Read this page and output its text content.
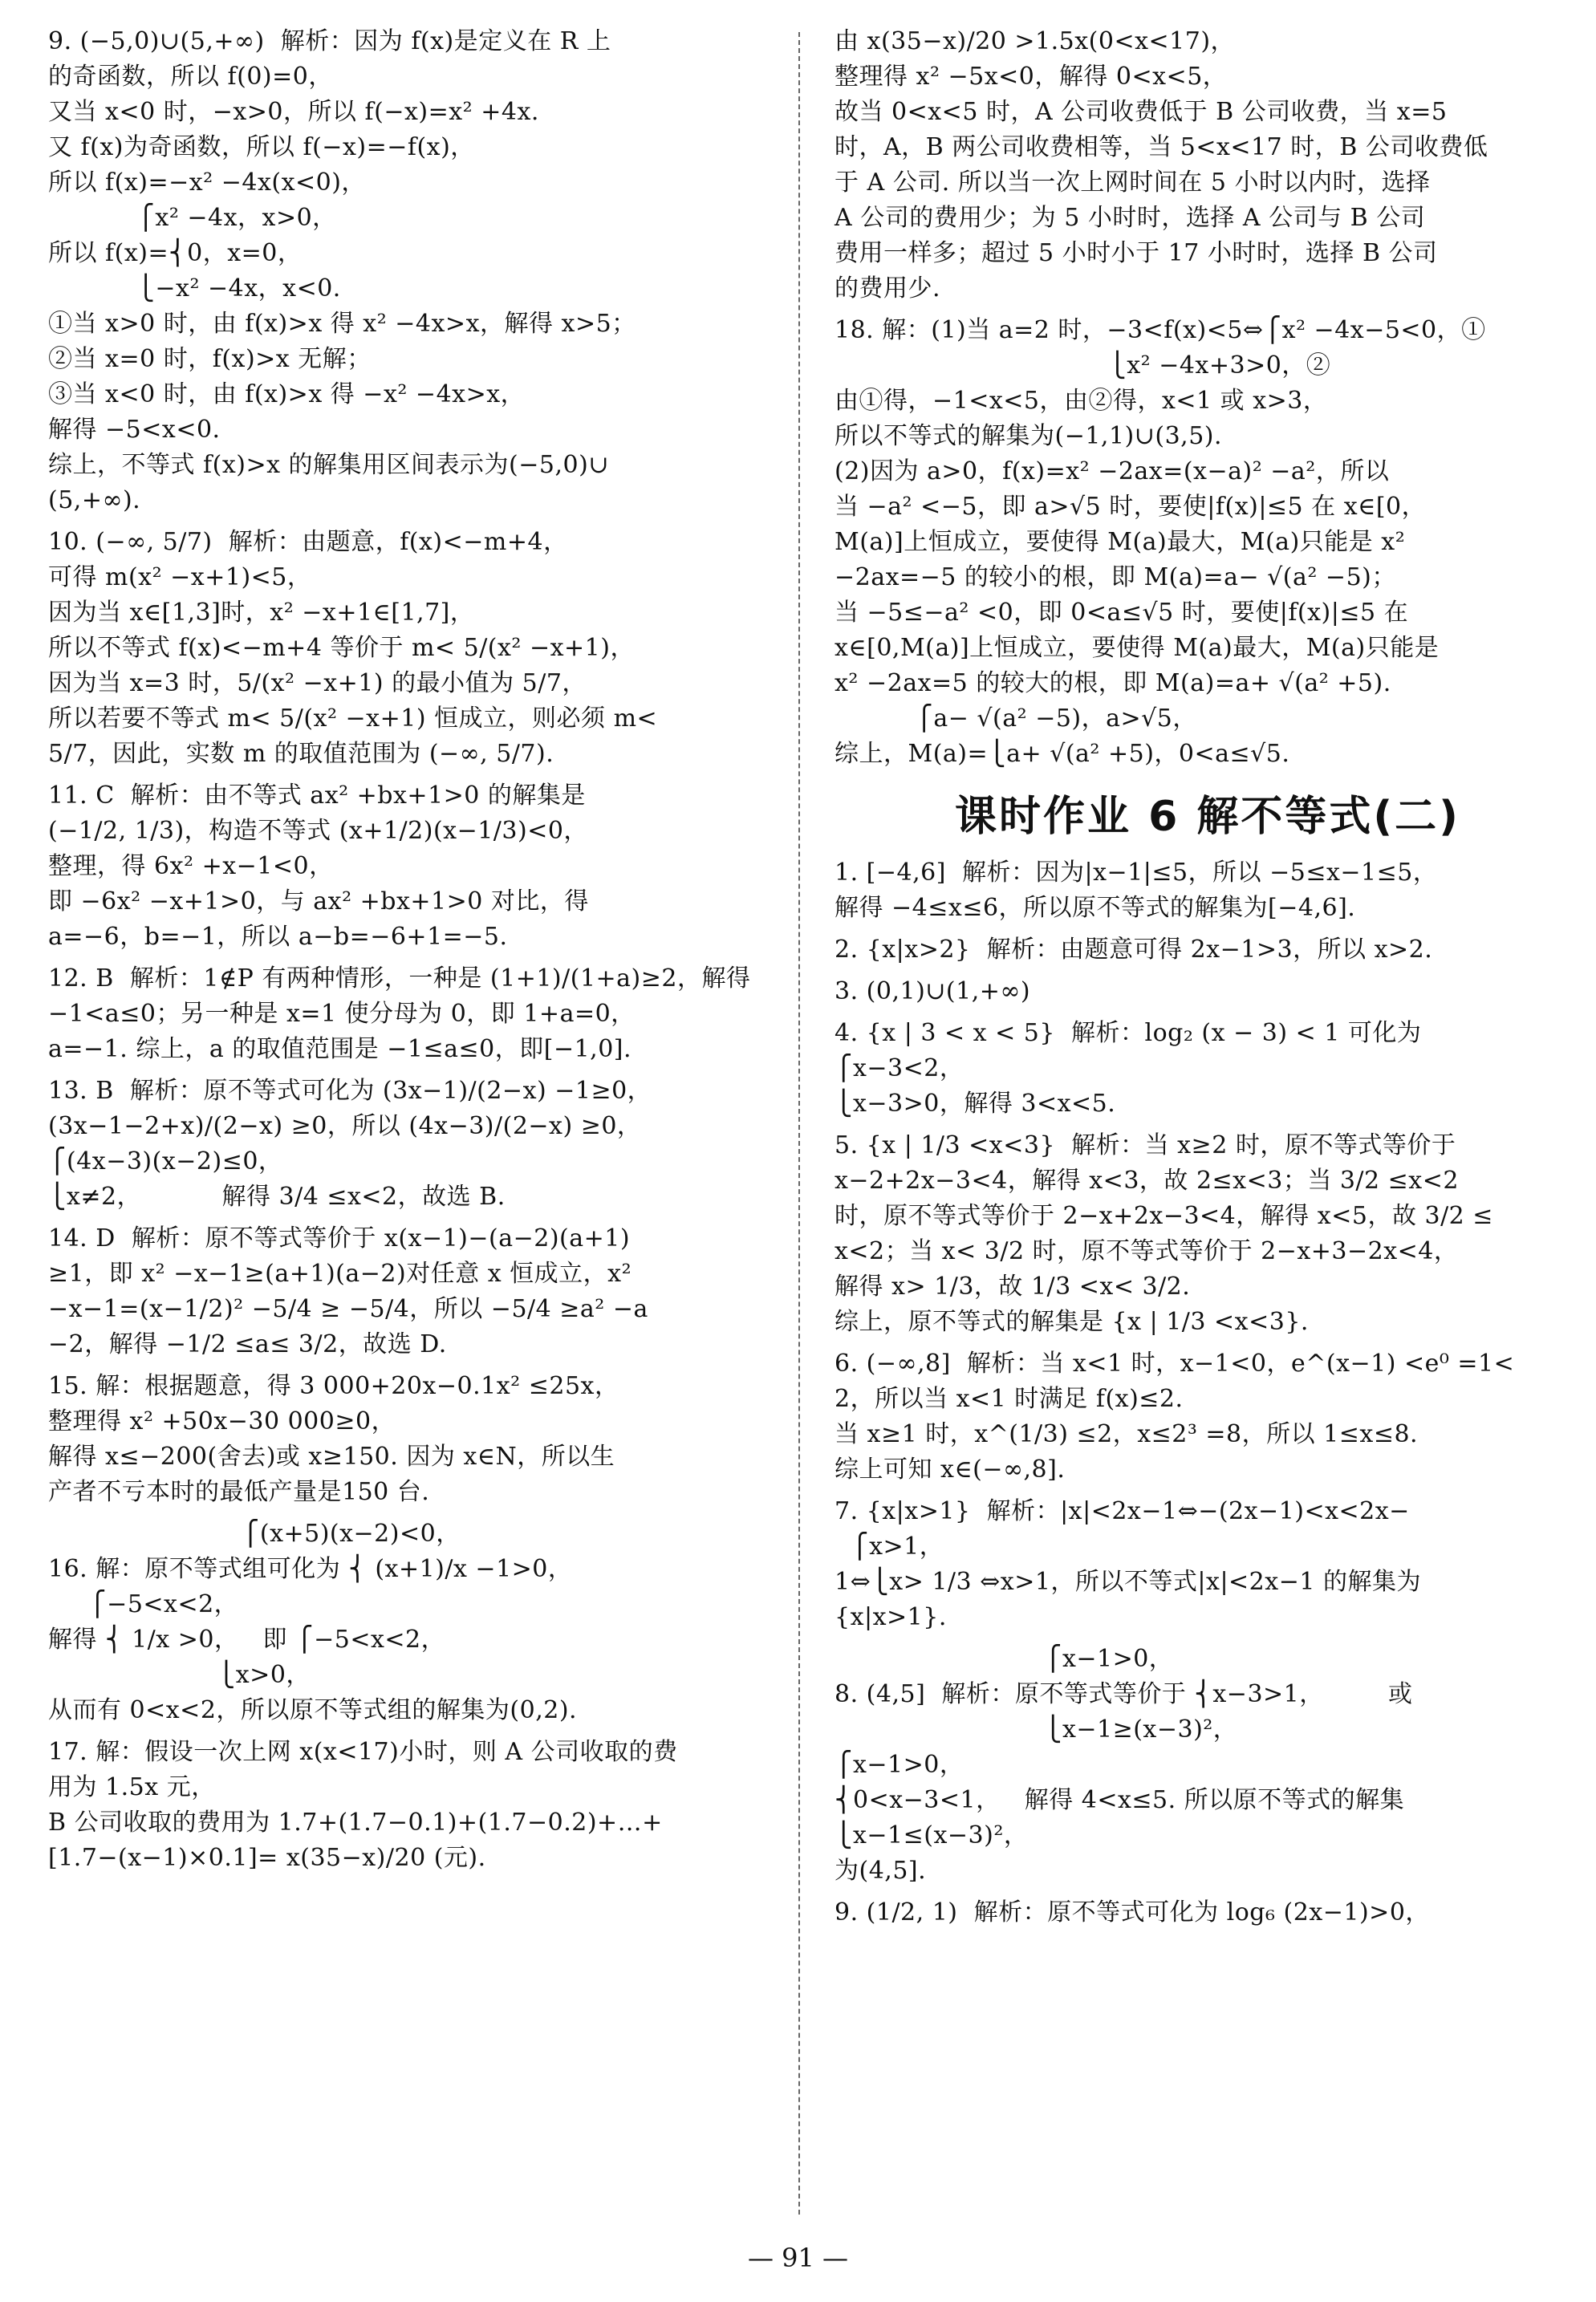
9. (−5,0)∪(5,+∞)  解析：因为 f(x)是定义在 R 上
的奇函数，所以 f(0)=0，
又当 x<0 时，−x>0，所以 f(−x)=x² +4x.
又 f(x)为奇函数，所以 f(−x)=−f(x)，
所以 f(x)=−x² −4x(x<0)，
⎧x² −4x，x>0，
所以 f(x)=⎨0，x=0，
⎩−x² −4x，x<0.
①当 x>0 时，由 f(x)>x 得 x² −4x>x，解得 x>5；
②当 x=0 时，f(x)>x 无解；
③当 x<0 时，由 f(x)>x 得 −x² −4x>x，
解得 −5<x<0.
综上，不等式 f(x)>x 的解集用区间表示为(−5,0)∪
(5,+∞).
10. (−∞, 5/7)  解析：由题意，f(x)<−m+4，
可得 m(x² −x+1)<5，
因为当 x∈[1,3]时，x² −x+1∈[1,7]，
所以不等式 f(x)<−m+4 等价于 m< 5/(x² −x+1)，
因为当 x=3 时，5/(x² −x+1) 的最小值为 5/7，
所以若要不等式 m< 5/(x² −x+1) 恒成立，则必须 m<
5/7，因此，实数 m 的取值范围为 (−∞, 5/7).
11. C  解析：由不等式 ax² +bx+1>0 的解集是
(−1/2, 1/3)，构造不等式 (x+1/2)(x−1/3)<0，
整理，得 6x² +x−1<0，
即 −6x² −x+1>0，与 ax² +bx+1>0 对比，得
a=−6，b=−1，所以 a−b=−6+1=−5.
12. B  解析：1∉P 有两种情形，一种是 (1+1)/(1+a)≥2，解得
−1<a≤0；另一种是 x=1 使分母为 0，即 1+a=0，
a=−1. 综上，a 的取值范围是 −1≤a≤0，即[−1,0].
13. B  解析：原不等式可化为 (3x−1)/(2−x) −1≥0，
(3x−1−2+x)/(2−x) ≥0，所以 (4x−3)/(2−x) ≥0，
⎧(4x−3)(x−2)≤0，
⎩x≠2，          解得 3/4 ≤x<2，故选 B.
14. D  解析：原不等式等价于 x(x−1)−(a−2)(a+1)
≥1，即 x² −x−1≥(a+1)(a−2)对任意 x 恒成立，x²
−x−1=(x−1/2)² −5/4 ≥ −5/4，所以 −5/4 ≥a² −a
−2，解得 −1/2 ≤a≤ 3/2，故选 D.
15. 解：根据题意，得 3 000+20x−0.1x² ≤25x，
整理得 x² +50x−30 000≥0，
解得 x≤−200(舍去)或 x≥150. 因为 x∈N，所以生
产者不亏本时的最低产量是150 台.
⎧(x+5)(x−2)<0，
16. 解：原不等式组可化为 ⎨ (x+1)/x −1>0，
⎧−5<x<2，
解得 ⎨ 1/x >0，   即 ⎧−5<x<2，
⎩x>0，
从而有 0<x<2，所以原不等式组的解集为(0,2).
17. 解：假设一次上网 x(x<17)小时，则 A 公司收取的费
用为 1.5x 元，
B 公司收取的费用为 1.7+(1.7−0.1)+(1.7−0.2)+…+
[1.7−(x−1)×0.1]= x(35−x)/20 (元).
由 x(35−x)/20 >1.5x(0<x<17)，
整理得 x² −5x<0，解得 0<x<5，
故当 0<x<5 时，A 公司收费低于 B 公司收费，当 x=5
时，A，B 两公司收费相等，当 5<x<17 时，B 公司收费低
于 A 公司. 所以当一次上网时间在 5 小时以内时，选择
A 公司的费用少；为 5 小时时，选择 A 公司与 B 公司
费用一样多；超过 5 小时小于 17 小时时，选择 B 公司
的费用少.
18. 解：(1)当 a=2 时，−3<f(x)<5⇔⎧x² −4x−5<0，①
⎩x² −4x+3>0，②
由①得，−1<x<5，由②得，x<1 或 x>3，
所以不等式的解集为(−1,1)∪(3,5).
(2)因为 a>0，f(x)=x² −2ax=(x−a)² −a²，所以
当 −a² <−5，即 a>√5 时，要使|f(x)|≤5 在 x∈[0，
M(a)]上恒成立，要使得 M(a)最大，M(a)只能是 x²
−2ax=−5 的较小的根，即 M(a)=a− √(a² −5)；
当 −5≤−a² <0，即 0<a≤√5 时，要使|f(x)|≤5 在
x∈[0,M(a)]上恒成立，要使得 M(a)最大，M(a)只能是
x² −2ax=5 的较大的根，即 M(a)=a+ √(a² +5).
⎧a− √(a² −5)，a>√5，
综上，M(a)=⎩a+ √(a² +5)，0<a≤√5.
课时作业 6 解不等式(二)
1. [−4,6]  解析：因为|x−1|≤5，所以 −5≤x−1≤5，
解得 −4≤x≤6，所以原不等式的解集为[−4,6].
2. {x|x>2}  解析：由题意可得 2x−1>3，所以 x>2.
3. (0,1)∪(1,+∞)
4. {x | 3 < x < 5}  解析：log₂ (x − 3) < 1 可化为
⎧x−3<2，
⎩x−3>0，解得 3<x<5.
5. {x | 1/3 <x<3}  解析：当 x≥2 时，原不等式等价于
x−2+2x−3<4，解得 x<3，故 2≤x<3；当 3/2 ≤x<2
时，原不等式等价于 2−x+2x−3<4，解得 x<5，故 3/2 ≤
x<2；当 x< 3/2 时，原不等式等价于 2−x+3−2x<4，
解得 x> 1/3，故 1/3 <x< 3/2.
综上，原不等式的解集是 {x | 1/3 <x<3}.
6. (−∞,8]  解析：当 x<1 时，x−1<0，e^(x−1) <e⁰ =1<
2，所以当 x<1 时满足 f(x)≤2.
当 x≥1 时，x^(1/3) ≤2，x≤2³ =8，所以 1≤x≤8.
综上可知 x∈(−∞,8].
7. {x|x>1}  解析：|x|<2x−1⇔−(2x−1)<x<2x−
⎧x>1，
1⇔⎩x> 1/3 ⇔x>1，所以不等式|x|<2x−1 的解集为
{x|x>1}.
⎧x−1>0，
8. (4,5]  解析：原不等式等价于 ⎨x−3>1，        或
⎩x−1≥(x−3)²，
⎧x−1>0，
⎨0<x−3<1，   解得 4<x≤5. 所以原不等式的解集
⎩x−1≤(x−3)²，
为(4,5].
9. (1/2, 1)  解析：原不等式可化为 log₆ (2x−1)>0，
— 91 —
